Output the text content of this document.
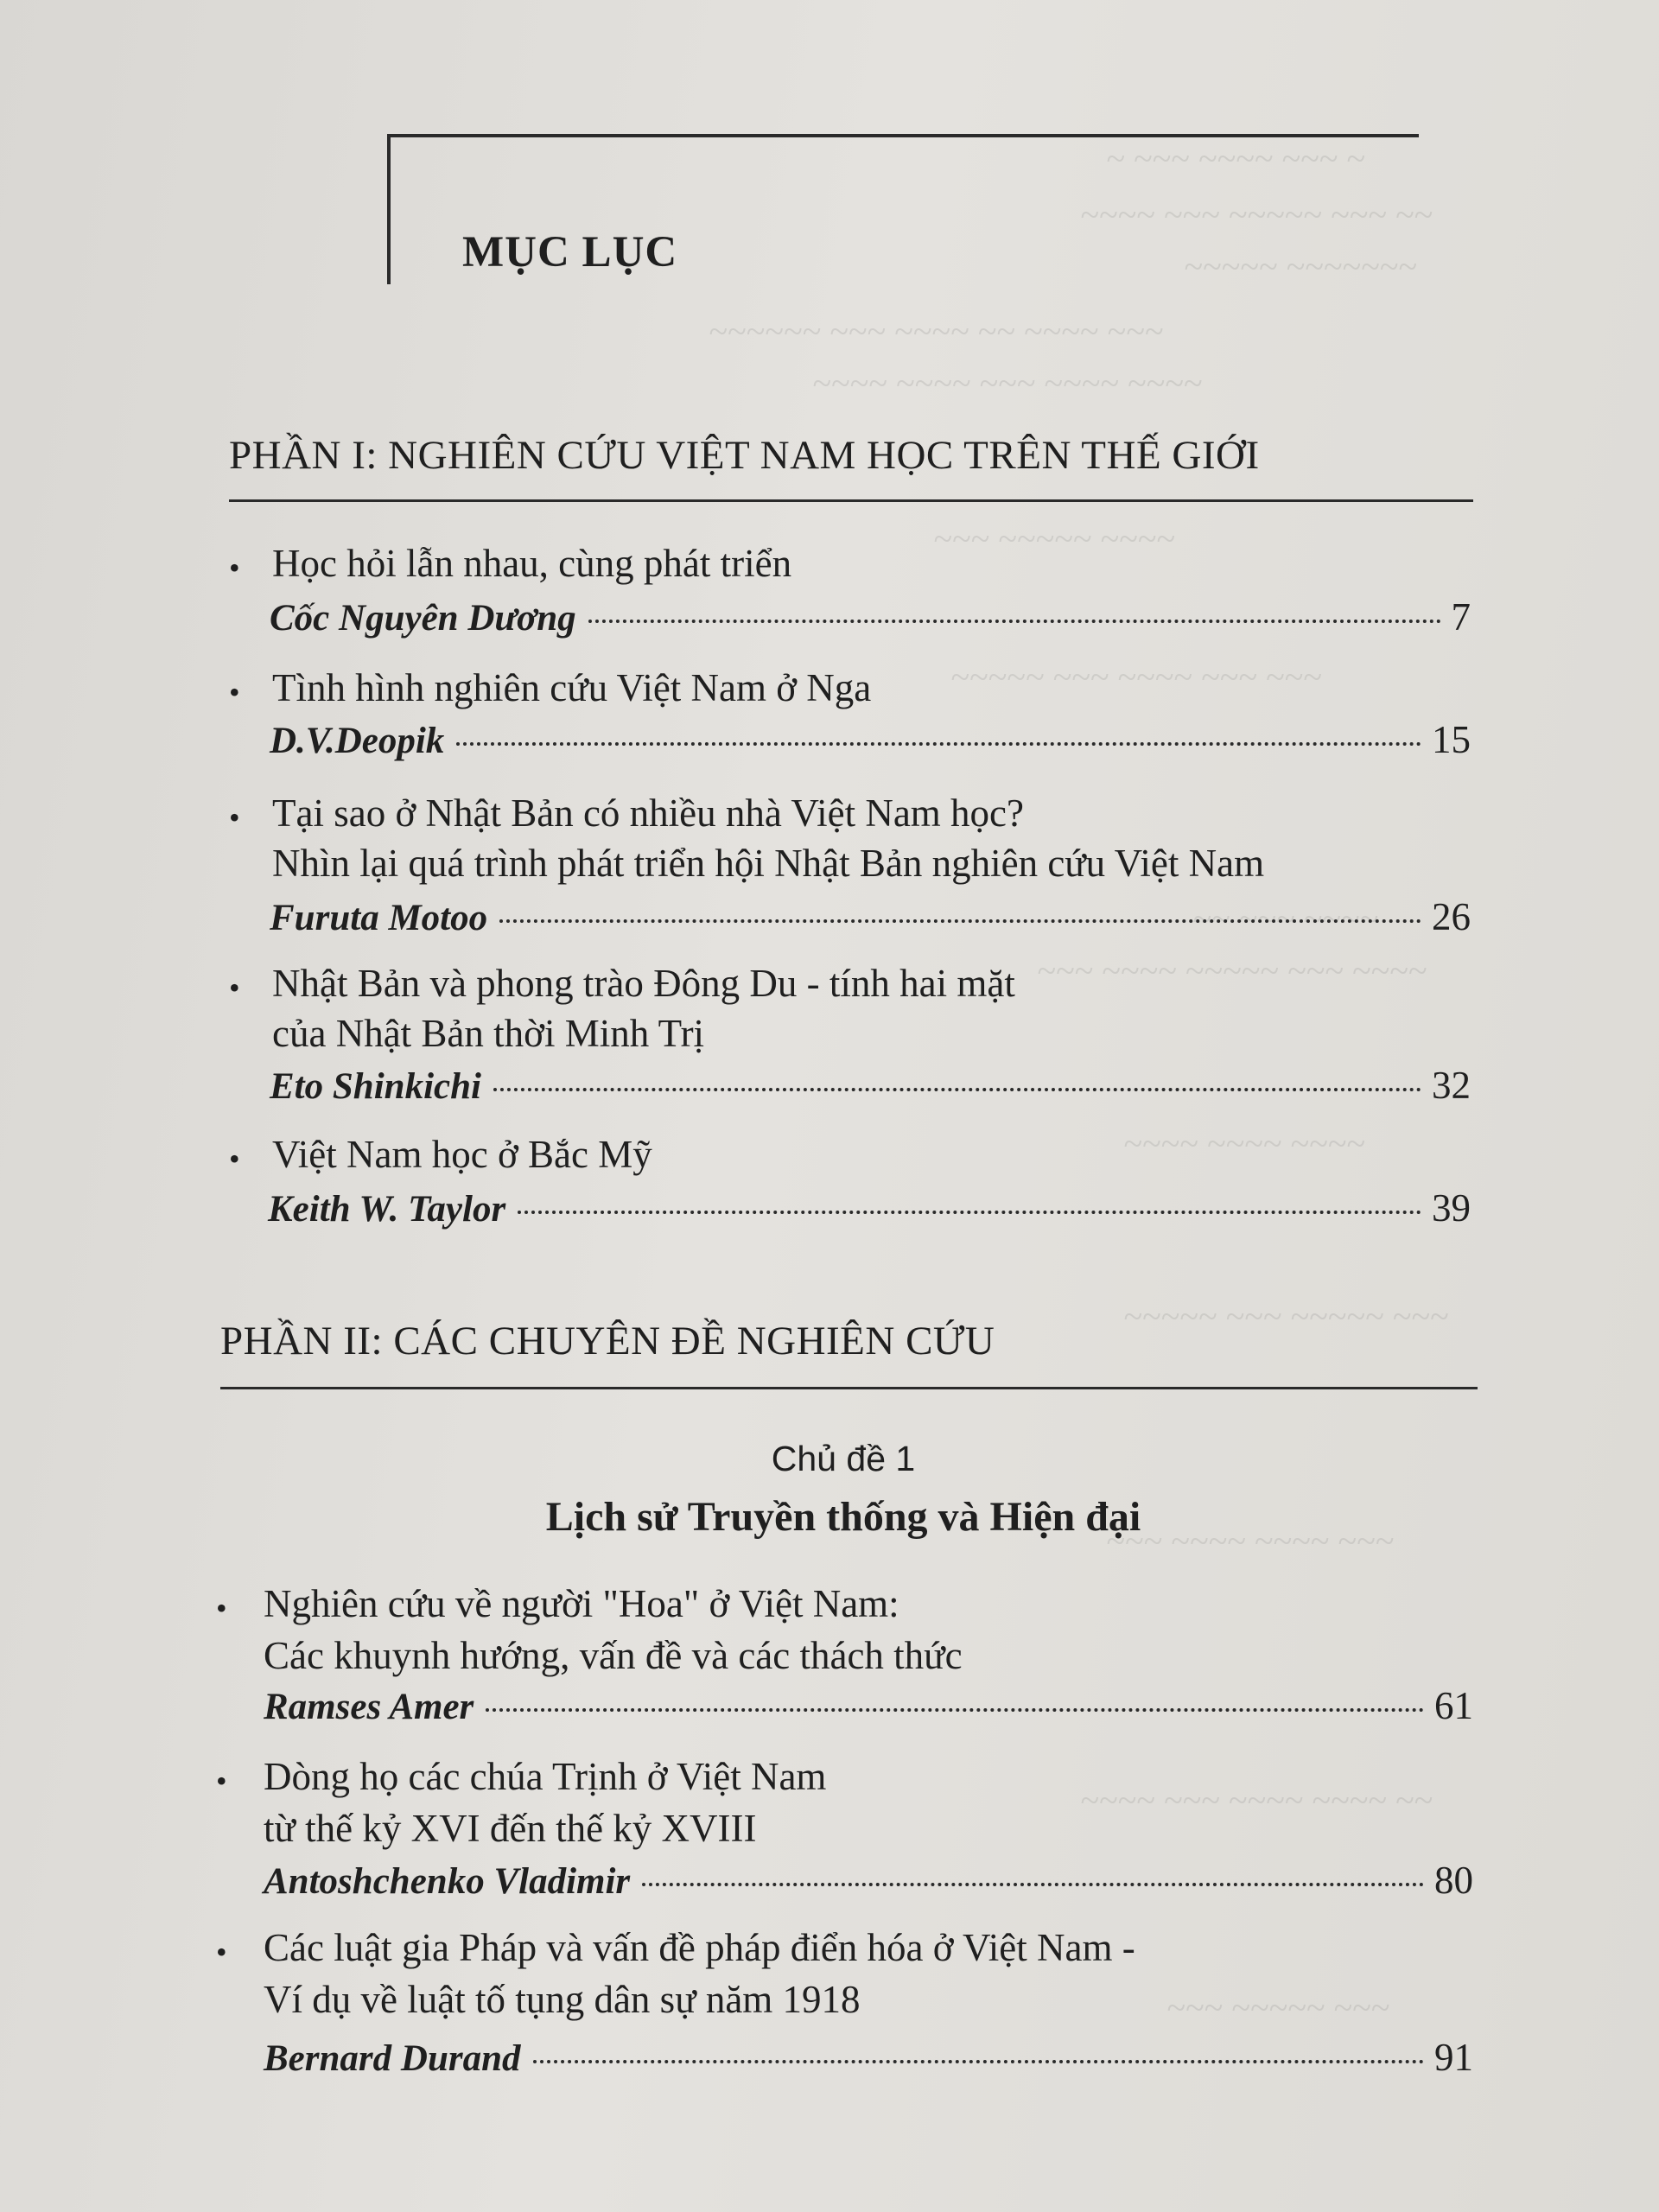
~ ~~~ ~~~~ ~~~ ~
~~~~ ~~~ ~~~~~ ~~~ ~~
~~~~~ ~~~~~~~
~~~~~~ ~~~ ~~~~ ~~ ~~~~ ~~~
~~~~ ~~~~ ~~~ ~~~~ ~~~~
~~~ ~~~~~ ~~~~
~~~~~ ~~~ ~~~~ ~~~ ~~~
~~ ~~~ ~~~~
~~~ ~~~~ ~~~~~ ~~~ ~~~~
~~~~ ~~~~ ~~~~
~~~~~ ~~~ ~~~~~ ~~~
~~~ ~~~~ ~~~~ ~~~
~~~~ ~~~ ~~~~ ~~~~ ~~
~~~ ~~~~~ ~~~
MỤC LỤC
PHẦN I: NGHIÊN CỨU VIỆT NAM HỌC TRÊN THẾ GIỚI
• Học hỏi lẫn nhau, cùng phát triển
Cốc Nguyên Dương	7
• Tình hình nghiên cứu Việt Nam ở Nga
D.V.Deopik	15
• Tại sao ở Nhật Bản có nhiều nhà Việt Nam học?
Nhìn lại quá trình phát triển hội Nhật Bản nghiên cứu Việt Nam
Furuta Motoo	26
• Nhật Bản và phong trào Đông Du - tính hai mặt
của Nhật Bản thời Minh Trị
Eto Shinkichi	32
• Việt Nam học ở Bắc Mỹ
Keith W. Taylor	39
PHẦN II: CÁC CHUYÊN ĐỀ NGHIÊN CỨU
Chủ đề 1
Lịch sử Truyền thống và Hiện đại
• Nghiên cứu về người "Hoa" ở Việt Nam:
Các khuynh hướng, vấn đề và các thách thức
Ramses Amer	61
• Dòng họ các chúa Trịnh ở Việt Nam
từ thế kỷ XVI đến thế kỷ XVIII
Antoshchenko Vladimir	80
• Các luật gia Pháp và vấn đề pháp điển hóa ở Việt Nam -
Ví dụ về luật tố tụng dân sự năm 1918
Bernard Durand	91
